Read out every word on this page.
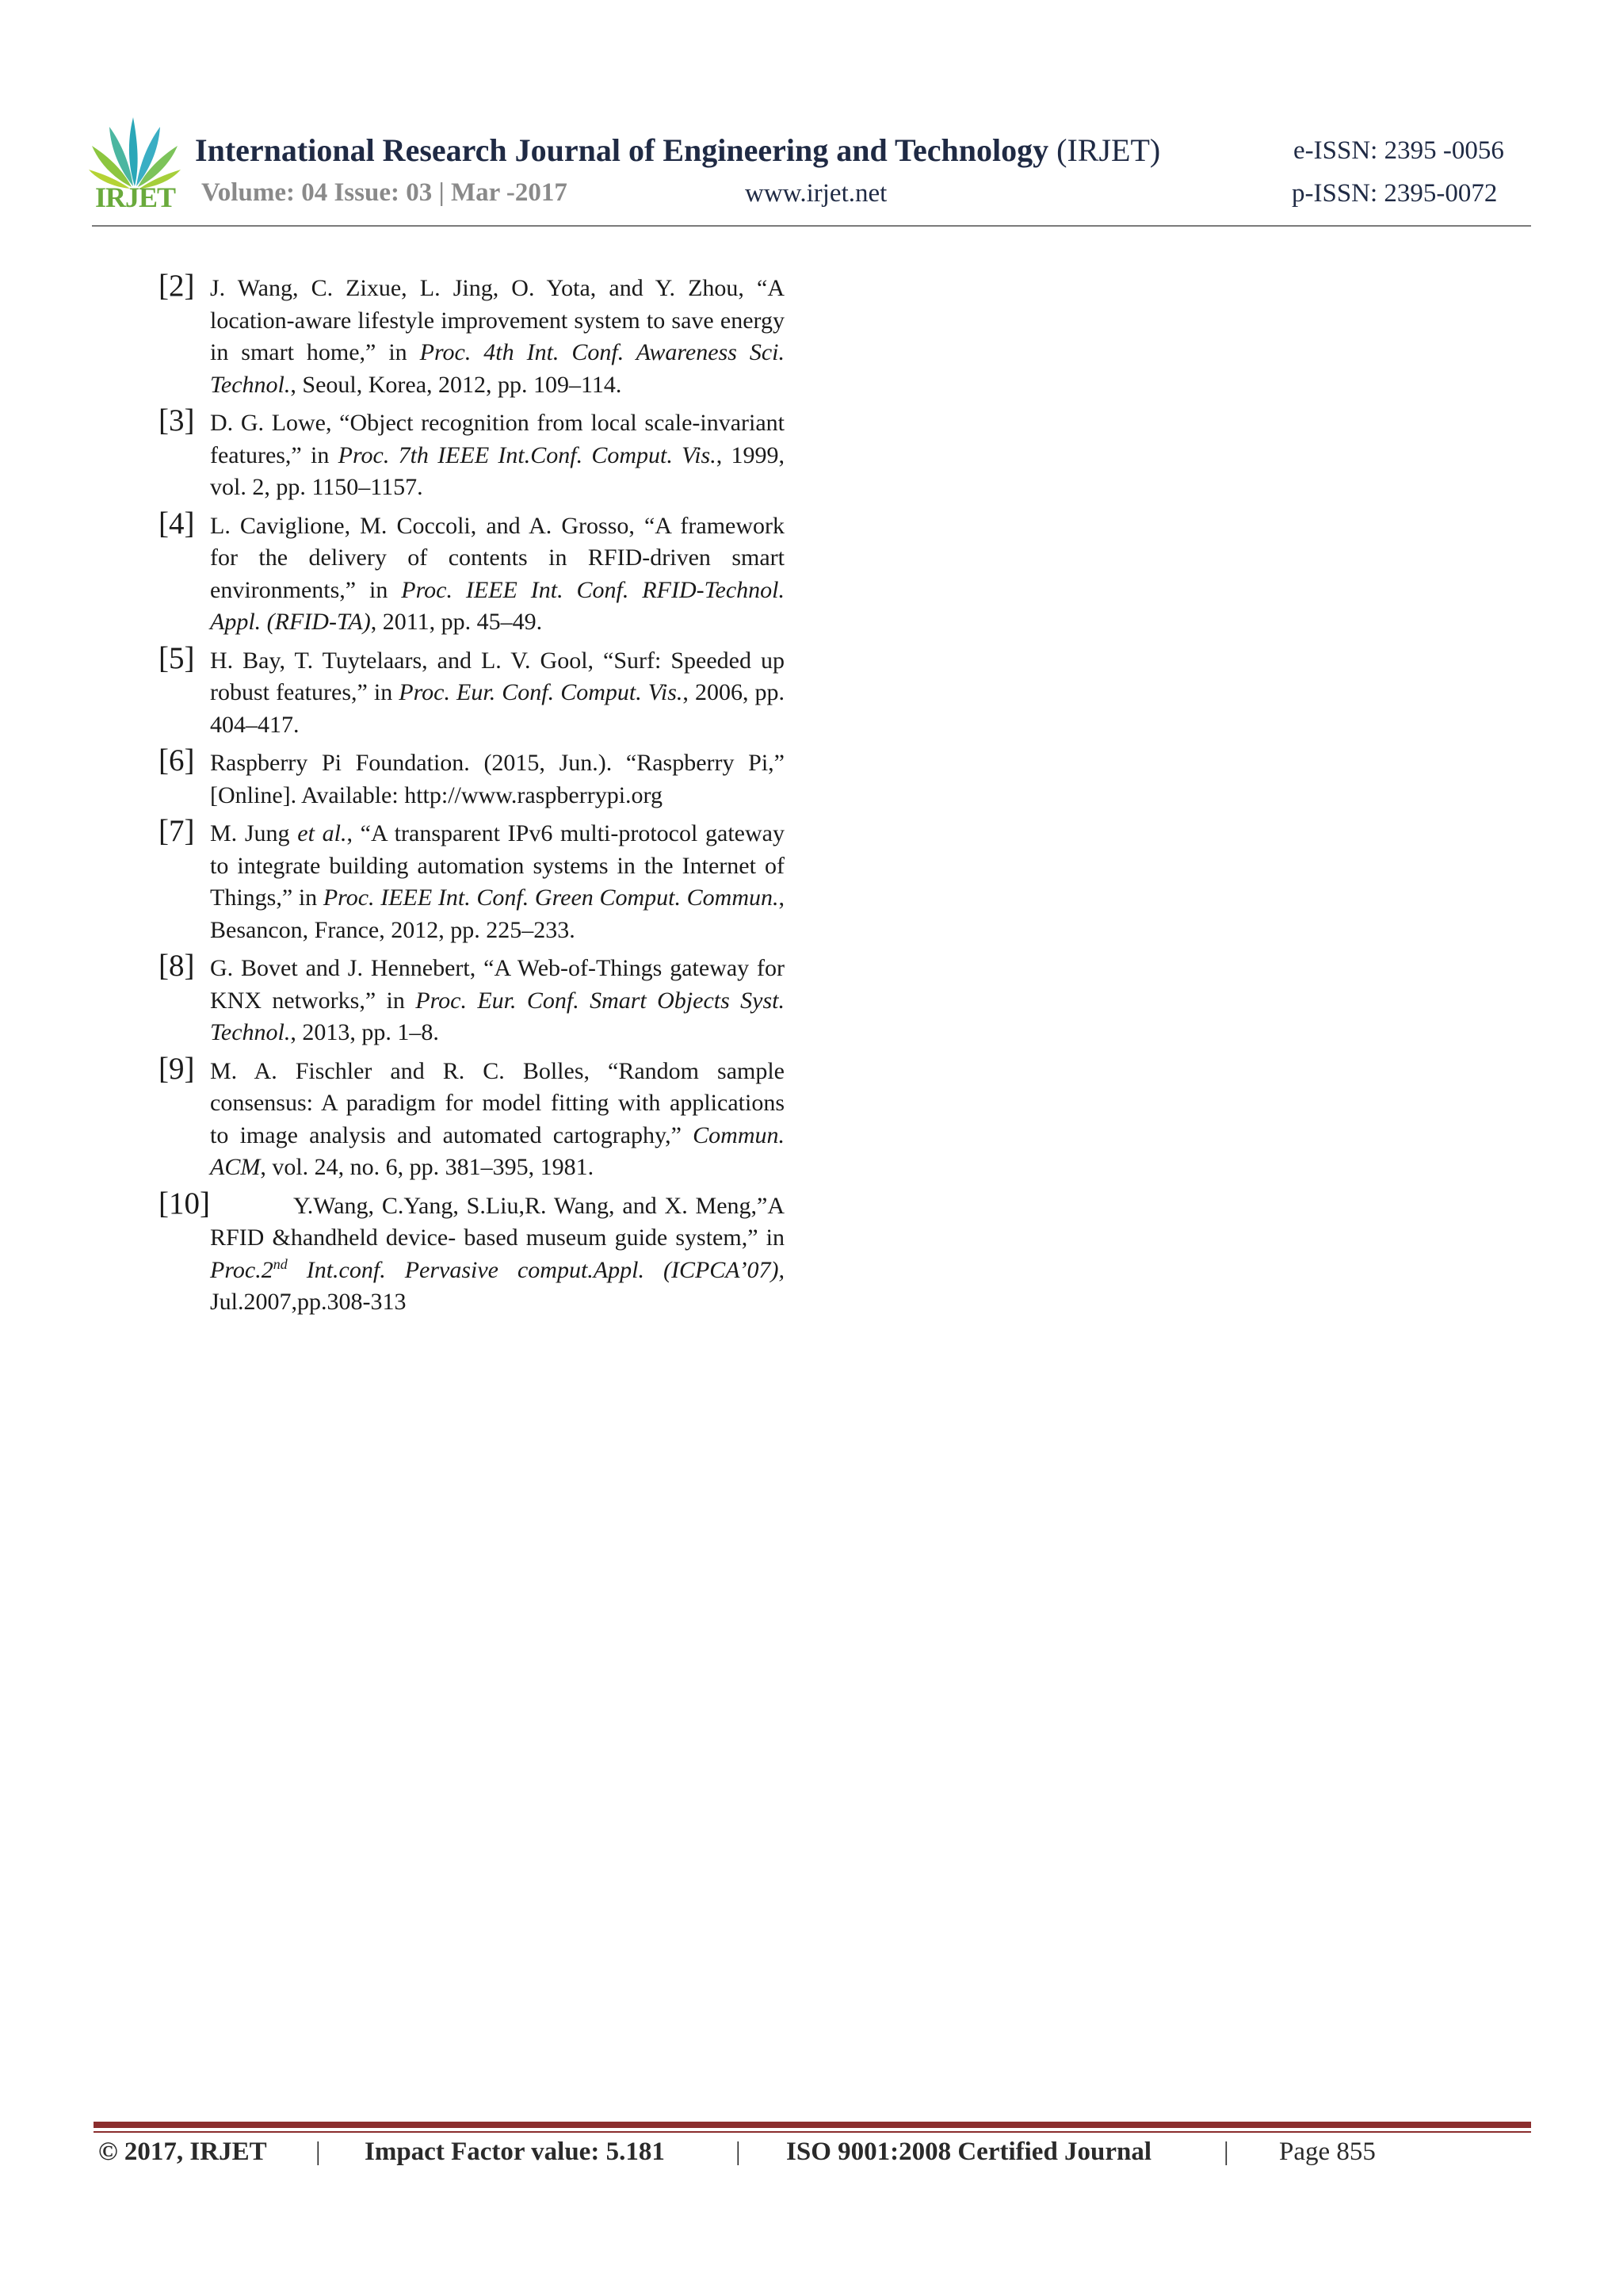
IRJET
International Research Journal of Engineering and Technology (IRJET)	e-ISSN: 2395 -0056
Volume: 04 Issue: 03 | Mar -2017	www.irjet.net	p-ISSN: 2395-0072
[2] J. Wang, C. Zixue, L. Jing, O. Yota, and Y. Zhou, “A location-aware lifestyle improvement system to save energy in smart home,” in Proc. 4th Int. Conf. Awareness Sci. Technol., Seoul, Korea, 2012, pp. 109–114.
[3] D. G. Lowe, “Object recognition from local scale-invariant features,” in Proc. 7th IEEE Int.Conf. Comput. Vis., 1999, vol. 2, pp. 1150–1157.
[4] L. Caviglione, M. Coccoli, and A. Grosso, “A framework for the delivery of contents in RFID-driven smart environments,” in Proc. IEEE Int. Conf. RFID-Technol. Appl. (RFID-TA), 2011, pp. 45–49.
[5] H. Bay, T. Tuytelaars, and L. V. Gool, “Surf: Speeded up robust features,” in Proc. Eur. Conf. Comput. Vis., 2006, pp. 404–417.
[6] Raspberry Pi Foundation. (2015, Jun.). “Raspberry Pi,” [Online]. Available: http://www.raspberrypi.org
[7] M. Jung et al., “A transparent IPv6 multi-protocol gateway to integrate building automation systems in the Internet of Things,” in Proc. IEEE Int. Conf. Green Comput. Commun., Besancon, France, 2012, pp. 225–233.
[8] G. Bovet and J. Hennebert, “A Web-of-Things gateway for KNX networks,” in Proc. Eur. Conf. Smart Objects Syst. Technol., 2013, pp. 1–8.
[9] M. A. Fischler and R. C. Bolles, “Random sample consensus: A paradigm for model fitting with applications to image analysis and automated cartography,” Commun. ACM, vol. 24, no. 6, pp. 381–395, 1981.
[10]	Y.Wang, C.Yang, S.Liu,R. Wang, and X. Meng,”A RFID &handheld device- based museum guide system,” in Proc.2nd Int.conf. Pervasive comput.Appl. (ICPCA’07), Jul.2007,pp.308-313
© 2017, IRJET | Impact Factor value: 5.181	| ISO 9001:2008 Certified Journal	| Page 855
